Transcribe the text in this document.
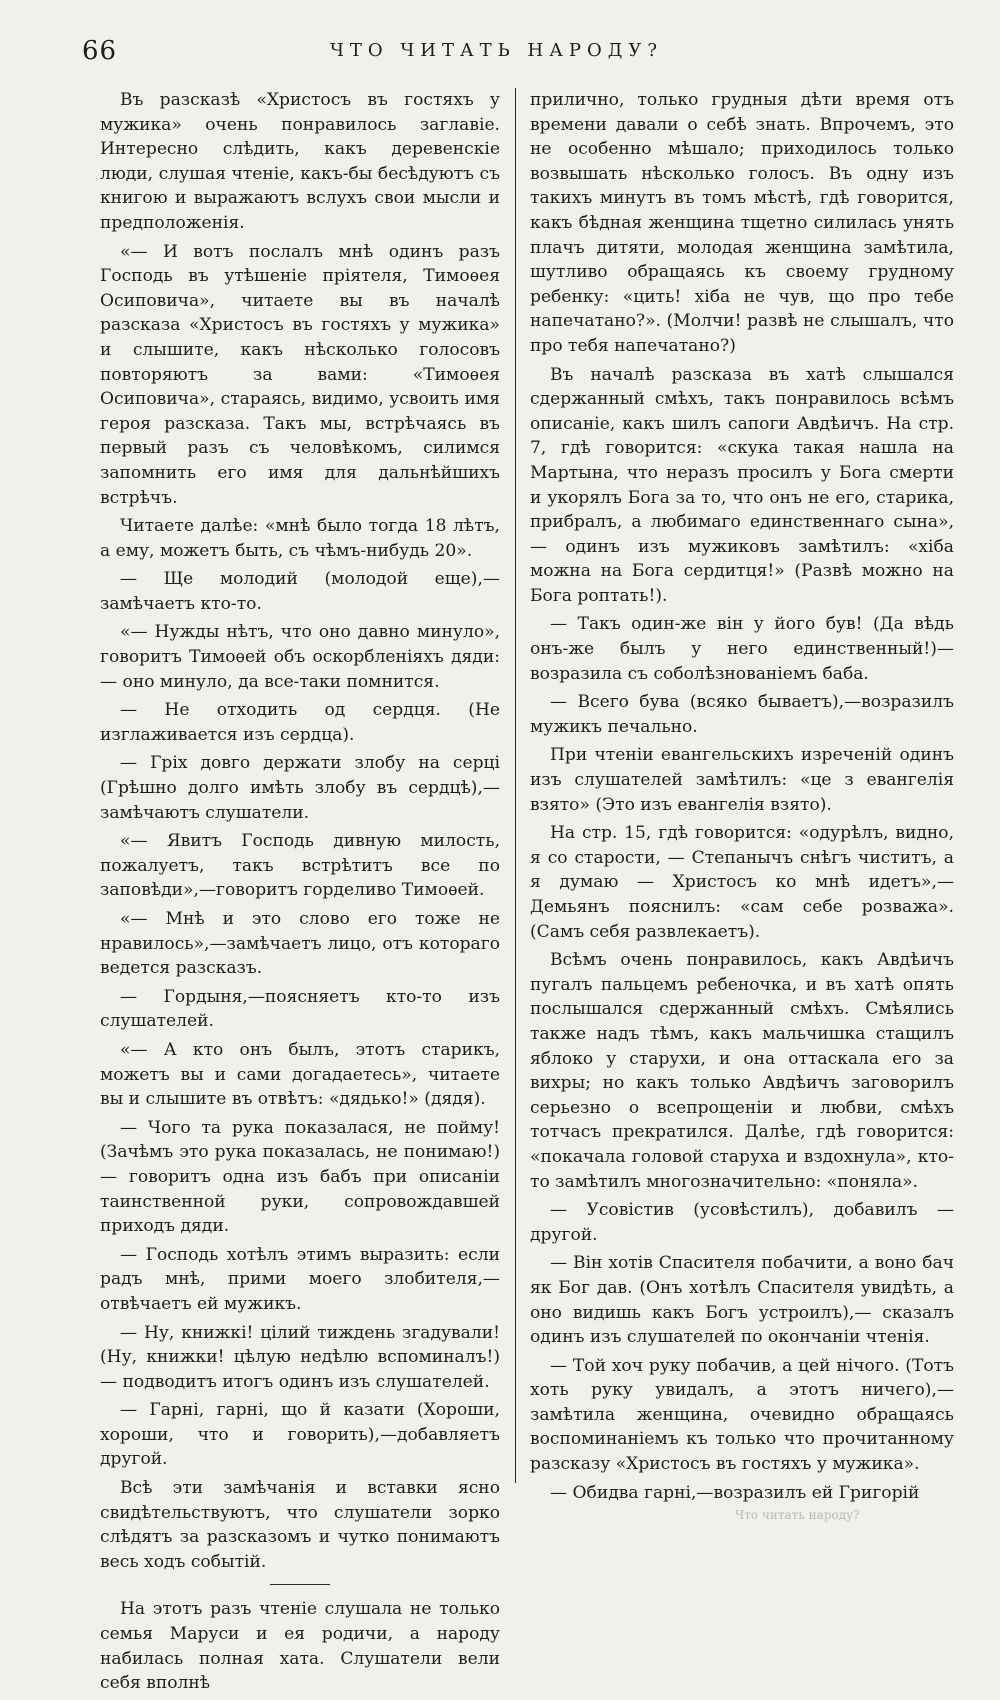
66	ЧТО ЧИТАТЬ НАРОДУ?

Въ разсказѣ «Христосъ въ гостяхъ у мужика» очень понравилось заглавіе. Интересно слѣдить, какъ деревенскіе люди, слушая чтеніе, какъ-бы бесѣдуютъ съ книгою и выражаютъ вслухъ свои мысли и предположенія.

«— И вотъ послалъ мнѣ одинъ разъ Господь въ утѣшеніе пріятеля, Тимоѳея Осиповича», читаете вы въ началѣ разсказа «Христосъ въ гостяхъ у мужика» и слышите, какъ нѣсколько голосовъ повторяютъ за вами: «Тимоѳея Осиповича», стараясь, видимо, усвоить имя героя разсказа. Такъ мы, встрѣчаясь въ первый разъ съ человѣкомъ, силимся запомнить его имя для дальнѣйшихъ встрѣчъ.

Читаете далѣе: «мнѣ было тогда 18 лѣтъ, а ему, можетъ быть, съ чѣмъ-нибудь 20».

— Ще молодий (молодой еще),—замѣчаетъ кто-то.

«— Нужды нѣтъ, что оно давно минуло», говоритъ Тимоѳей объ оскорбленіяхъ дяди: — оно минуло, да все-таки помнится.

— Не отходить од сердця. (Не изглаживается изъ сердца).

— Гріх довго держати злобу на серцi (Грѣшно долго имѣть злобу въ сердцѣ),—замѣчаютъ слушатели.

«— Явитъ Господь дивную милость, пожалуетъ, такъ встрѣтитъ все по заповѣди»,—говоритъ горделиво Тимоѳей.

«— Мнѣ и это слово его тоже не нравилось»,—замѣчаетъ лицо, отъ котораго ведется разсказъ.

— Гордыня,—поясняетъ кто-то изъ слушателей.

«— А кто онъ былъ, этотъ старикъ, можетъ вы и сами догадаетесь», читаете вы и слышите въ отвѣтъ: «дядько!» (дядя).

— Чого та рука показалася, не пойму! (Зачѣмъ это рука показалась, не понимаю!)— говоритъ одна изъ бабъ при описаніи таинственной руки, сопровождавшей приходъ дяди.

— Господь хотѣлъ этимъ выразить: если радъ мнѣ, прими моего злобителя,—отвѣчаетъ ей мужикъ.

— Ну, книжкi! цiлий тиждень згадували! (Ну, книжки! цѣлую недѣлю вспоминалъ!)— подводитъ итогъ одинъ изъ слушателей.

— Гарнi, гарнi, що й казати (Хороши, хороши, что и говорить),—добавляетъ другой.

Всѣ эти замѣчанія и вставки ясно свидѣтельствуютъ, что слушатели зорко слѣдятъ за разсказомъ и чутко понимаютъ весь ходъ событій.

На этотъ разъ чтеніе слушала не только семья Маруси и ея родичи, а народу набилась полная хата. Слушатели вели себя вполнѣ

прилично, только грудныя дѣти время отъ времени давали о себѣ знать. Впрочемъ, это не особенно мѣшало; приходилось только возвышать нѣсколько голосъ. Въ одну изъ такихъ минутъ въ томъ мѣстѣ, гдѣ говорится, какъ бѣдная женщина тщетно силилась унять плачъ дитяти, молодая женщина замѣтила, шутливо обращаясь къ своему грудному ребенку: «цить! хiба не чув, що про тебе напечатано?». (Молчи! развѣ не слышалъ, что про тебя напечатано?)

Въ началѣ разсказа въ хатѣ слышался сдержанный смѣхъ, такъ понравилось всѣмъ описаніе, какъ шилъ сапоги Авдѣичъ. На стр. 7, гдѣ говорится: «скука такая нашла на Мартына, что неразъ просилъ у Бога смерти и укорялъ Бога за то, что онъ не его, старика, прибралъ, а любимаго единственнаго сына»,— одинъ изъ мужиковъ замѣтилъ: «хiба можна на Бога сердитця!» (Развѣ можно на Бога роптать!).

— Такъ один-же вiн у його був! (Да вѣдь онъ-же былъ у него единственный!)—возразила съ соболѣзнованіемъ баба.

— Всего бува (всяко бываетъ),—возразилъ мужикъ печально.

При чтеніи евангельскихъ изреченій одинъ изъ слушателей замѣтилъ: «це з евангелiя взято» (Это изъ евангелія взято).

На стр. 15, гдѣ говорится: «одурѣлъ, видно, я со старости, — Степанычъ снѣгъ чиститъ, а я думаю — Христосъ ко мнѣ идетъ»,— Демьянъ пояснилъ: «сам себе розважа». (Самъ себя развлекаетъ).

Всѣмъ очень понравилось, какъ Авдѣичъ пугалъ пальцемъ ребеночка, и въ хатѣ опять послышался сдержанный смѣхъ. Смѣялись также надъ тѣмъ, какъ мальчишка стащилъ яблоко у старухи, и она оттаскала его за вихры; но какъ только Авдѣичъ заговорилъ серьезно о всепрощеніи и любви, смѣхъ тотчасъ прекратился. Далѣе, гдѣ говорится: «покачала головой старуха и вздохнула», кто-то замѣтилъ многозначительно: «поняла».

— Усовiстив (усовѣстилъ), добавилъ — другой.

— Вiн хотiв Спасителя побачити, а воно бач як Бог дав. (Онъ хотѣлъ Спасителя увидѣть, а оно видишь какъ Богъ устроилъ),— сказалъ одинъ изъ слушателей по окончаніи чтенія.

— Той хоч руку побачив, а цей нiчого. (Тотъ хоть руку увидалъ, а этотъ ничего),— замѣтила женщина, очевидно обращаясь воспоминаніемъ къ только что прочитанному разсказу «Христосъ въ гостяхъ у мужика».

— Обидва гарнi,—возразилъ ей Григорій

Что читать народу?
